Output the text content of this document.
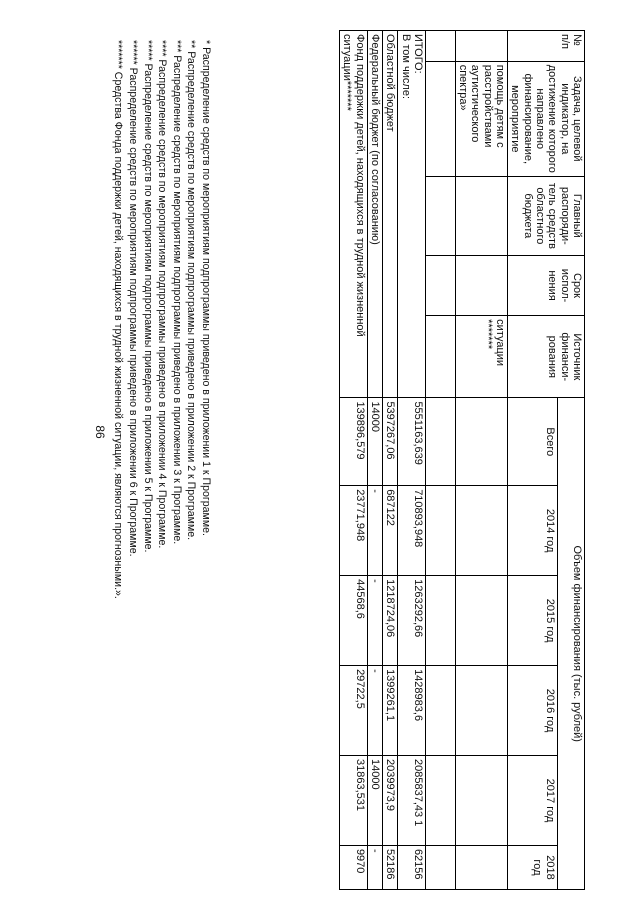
86
№ п/п	Задача, целевой индикатор, на достижение которого направлено финансирование, мероприятие	Главный распоряди-тель средств областного бюджета	Срок испол-нения	Источник финанси-рования	Объем финансирования (тыс. рублей)					
					Всего	2014 год	2015 год	2016 год	2017 год	2018 год
	помощь детям с расстройствами аутистического спектра»			ситуации *******						

ИТОГО:
В том числе:					5551163,639	710893,948	1263292,66	1428983,6	2085837,43 1	62156
Областной бюджет					5397267,06	687122	1218724,06	1399261,1	2039973,9	52186
Федеральный бюджет (по согласованию)					14000	-	-	-	14000	-
Фонд поддержки детей, находящихся в трудной жизненной ситуации*******					139896,579	23771,948	44568,6	29722,5	31863,531	9970
* Распределение средств по мероприятиям подпрограммы приведено в приложении 1 к Программе.
** Распределение средств по мероприятиям подпрограммы приведено в приложении 2 к Программе.
*** Распределение средств по мероприятиям подпрограммы приведено в приложении 3 к Программе.
**** Распределение средств по мероприятиям подпрограммы приведено в приложении 4 к Программе.
***** Распределение средств по мероприятиям подпрограммы приведено в приложении 5 к Программе.
****** Распределение средств по мероприятиям подпрограммы приведено в приложении 6 к Программе.
******* Средства Фонда поддержки детей, находящихся в трудной жизненной ситуации, являются прогнозными.».
